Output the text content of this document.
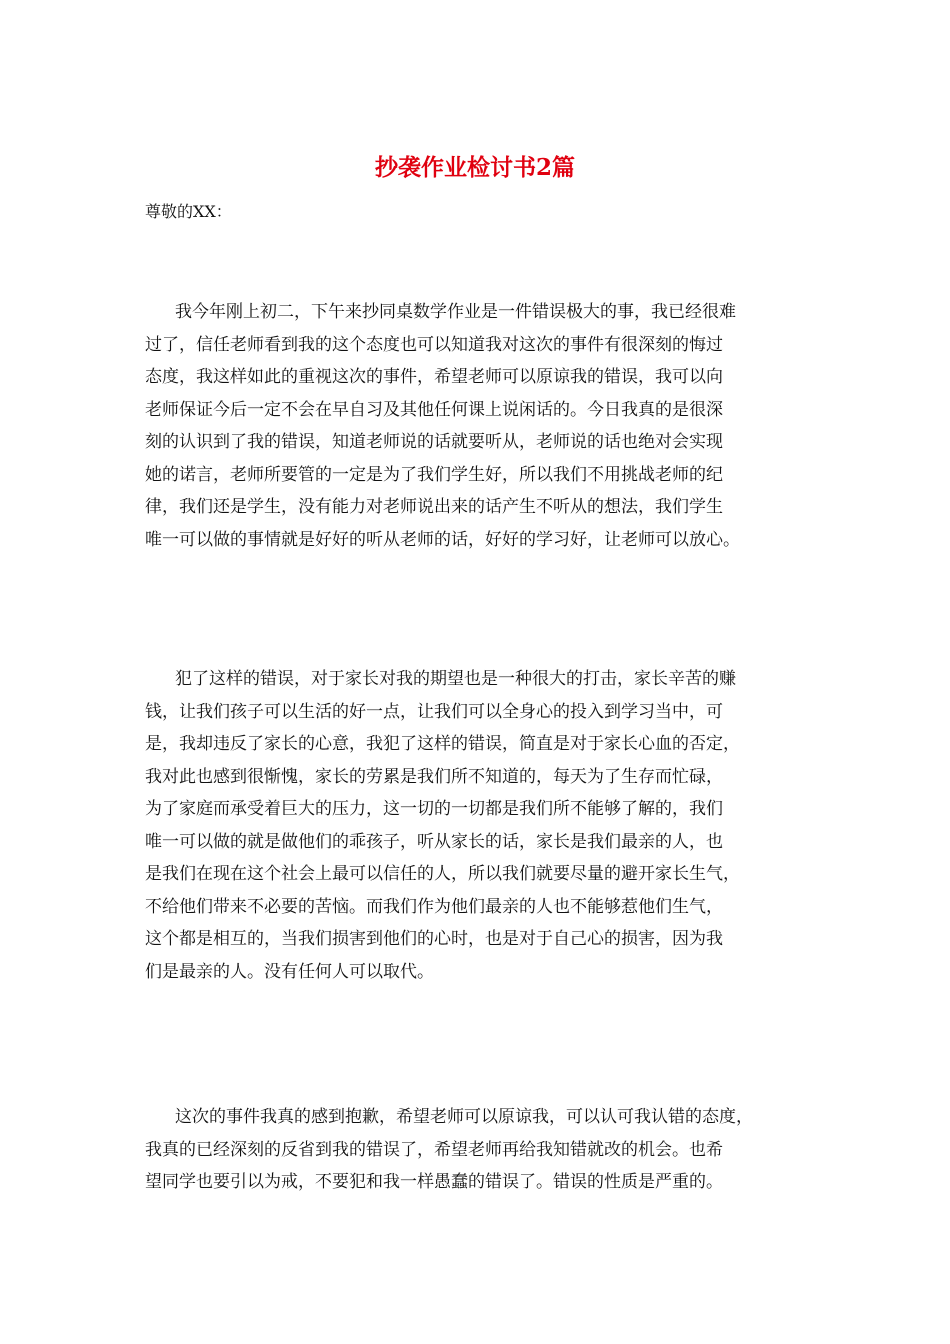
抄袭作业检讨书2篇

尊敬的XX：

我今年刚上初二，下午来抄同桌数学作业是一件错误极大的事，我已经很难
过了，信任老师看到我的这个态度也可以知道我对这次的事件有很深刻的悔过
态度，我这样如此的重视这次的事件，希望老师可以原谅我的错误，我可以向
老师保证今后一定不会在早自习及其他任何课上说闲话的。今日我真的是很深
刻的认识到了我的错误，知道老师说的话就要听从，老师说的话也绝对会实现
她的诺言，老师所要管的一定是为了我们学生好，所以我们不用挑战老师的纪
律，我们还是学生，没有能力对老师说出来的话产生不听从的想法，我们学生
唯一可以做的事情就是好好的听从老师的话，好好的学习好，让老师可以放心。
犯了这样的错误，对于家长对我的期望也是一种很大的打击，家长辛苦的赚
钱，让我们孩子可以生活的好一点，让我们可以全身心的投入到学习当中，可
是，我却违反了家长的心意，我犯了这样的错误，简直是对于家长心血的否定，
我对此也感到很惭愧，家长的劳累是我们所不知道的，每天为了生存而忙碌，
为了家庭而承受着巨大的压力，这一切的一切都是我们所不能够了解的，我们
唯一可以做的就是做他们的乖孩子，听从家长的话，家长是我们最亲的人，也
是我们在现在这个社会上最可以信任的人，所以我们就要尽量的避开家长生气，
不给他们带来不必要的苦恼。而我们作为他们最亲的人也不能够惹他们生气，
这个都是相互的，当我们损害到他们的心时，也是对于自己心的损害，因为我
们是最亲的人。没有任何人可以取代。
这次的事件我真的感到抱歉，希望老师可以原谅我，可以认可我认错的态度，
我真的已经深刻的反省到我的错误了，希望老师再给我知错就改的机会。也希
望同学也要引以为戒，不要犯和我一样愚蠢的错误了。错误的性质是严重的。
